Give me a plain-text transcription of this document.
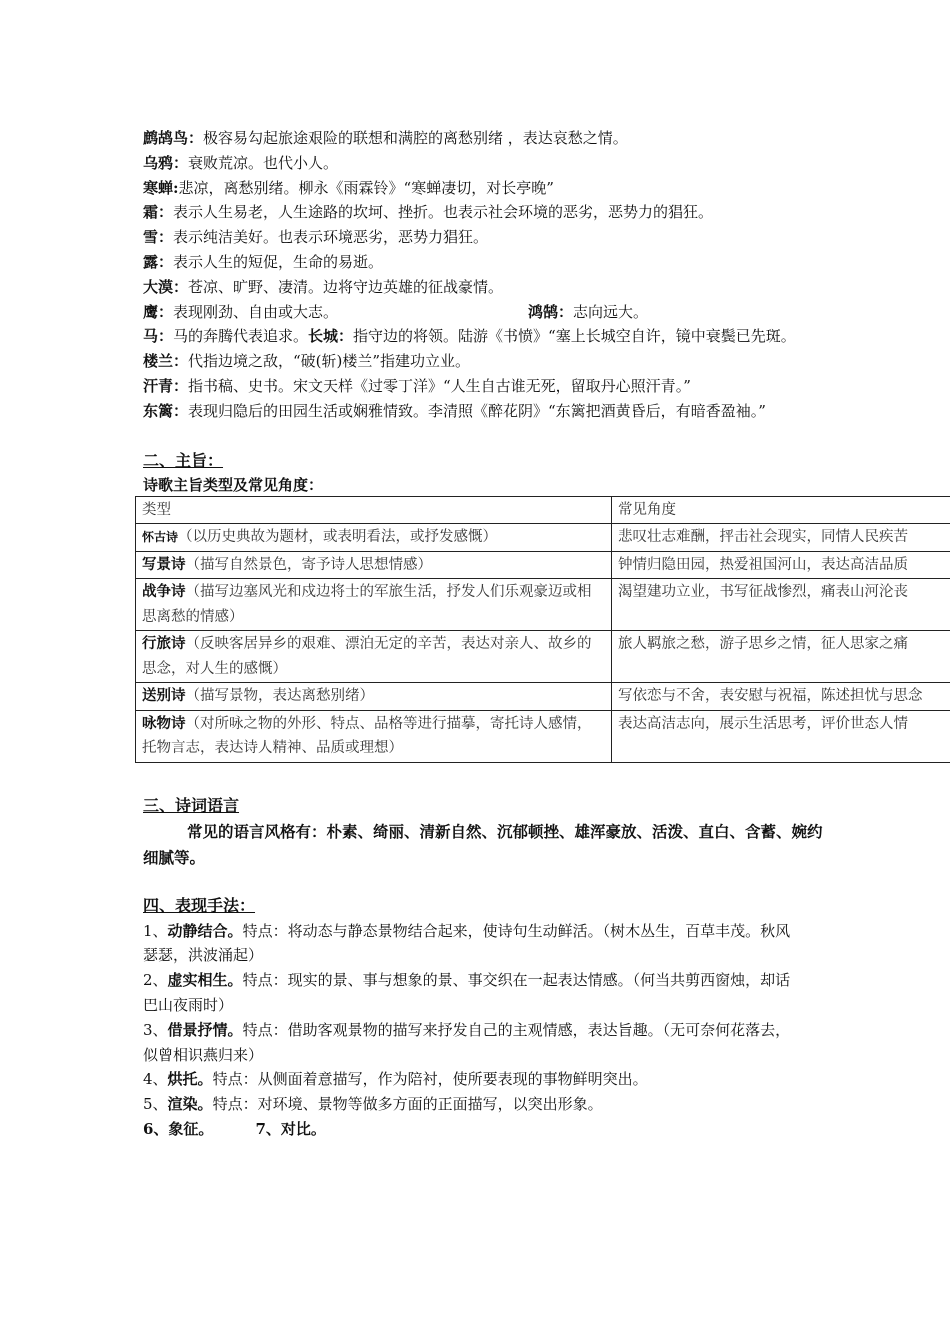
鹧鸪鸟：极容易勾起旅途艰险的联想和满腔的离愁别绪 ，表达哀愁之情。
乌鸦：衰败荒凉。也代小人。
寒蝉:悲凉，离愁别绪。柳永《雨霖铃》“寒蝉凄切，对长亭晚”
霜：表示人生易老，人生途路的坎坷、挫折。也表示社会环境的恶劣，恶势力的猖狂。
雪：表示纯洁美好。也表示环境恶劣，恶势力猖狂。
露：表示人生的短促，生命的易逝。
大漠：苍凉、旷野、凄清。边将守边英雄的征战豪情。
鹰：表现刚劲、自由或大志。	鸿鹄：志向远大。
马：马的奔腾代表追求。长城：指守边的将领。陆游《书愤》“塞上长城空自许，镜中衰鬓已先斑。
楼兰：代指边境之敌，“破(斩)楼兰”指建功立业。
汗青：指书稿、史书。宋文天样《过零丁洋》“人生自古谁无死，留取丹心照汗青。”
东篱：表现归隐后的田园生活或娴雅情致。李清照《醉花阴》“东篱把酒黄昏后，有暗香盈袖。”
二、主旨：
诗歌主旨类型及常见角度：
类型	常见角度
怀古诗（以历史典故为题材，或表明看法，或抒发感慨）	悲叹壮志难酬，抨击社会现实，同情人民疾苦
写景诗（描写自然景色，寄予诗人思想情感）	钟情归隐田园，热爱祖国河山，表达高洁品质
战争诗（描写边塞风光和戍边将士的军旅生活，抒发人们乐观豪迈或相思离愁的情感）	渴望建功立业，书写征战惨烈，痛表山河沦丧
行旅诗（反映客居异乡的艰难、漂泊无定的辛苦，表达对亲人、故乡的思念，对人生的感慨）	旅人羁旅之愁，游子思乡之情，征人思家之痛
送别诗（描写景物，表达离愁别绪）	写依恋与不舍，表安慰与祝福，陈述担忧与思念
咏物诗（对所咏之物的外形、特点、品格等进行描摹，寄托诗人感情，托物言志，表达诗人精神、品质或理想）	表达高洁志向，展示生活思考，评价世态人情
三、诗词语言
常见的语言风格有：朴素、绮丽、清新自然、沉郁顿挫、雄浑豪放、活泼、直白、含蓄、婉约细腻等。
四、表现手法：
1、动静结合。特点：将动态与静态景物结合起来，使诗句生动鲜活。（树木丛生，百草丰茂。秋风瑟瑟，洪波涌起）
2、虚实相生。特点：现实的景、事与想象的景、事交织在一起表达情感。（何当共剪西窗烛，却话巴山夜雨时）
3、借景抒情。特点：借助客观景物的描写来抒发自己的主观情感，表达旨趣。（无可奈何花落去，似曾相识燕归来）
4、烘托。特点：从侧面着意描写，作为陪衬，使所要表现的事物鲜明突出。
5、渲染。特点：对环境、景物等做多方面的正面描写，以突出形象。
6、象征。	7、对比。
